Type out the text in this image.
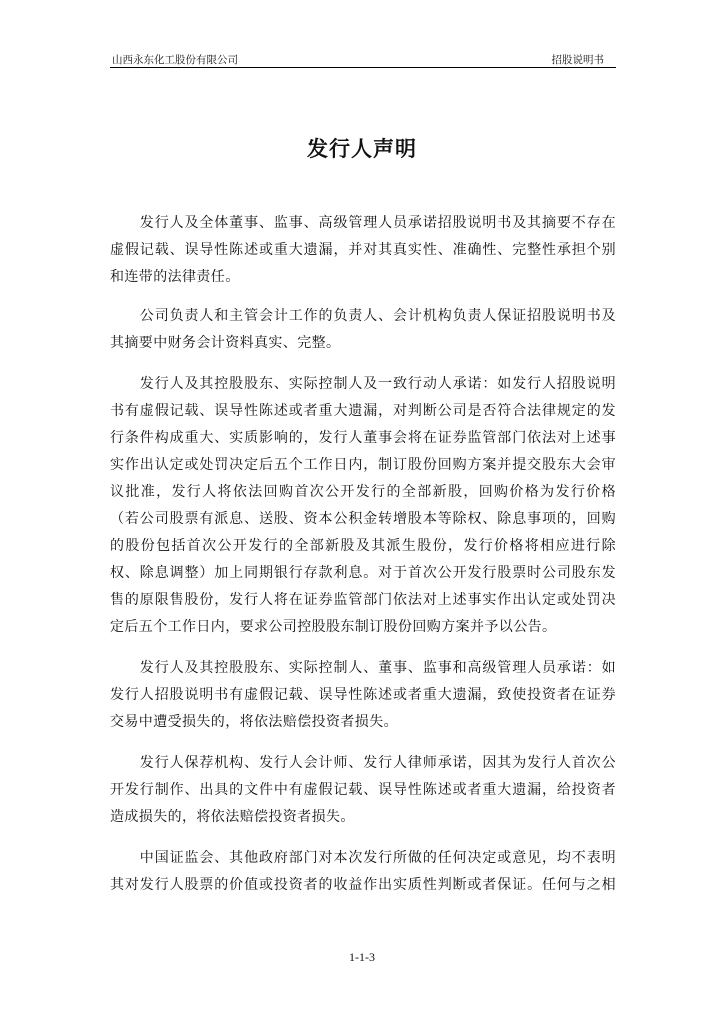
山西永东化工股份有限公司	招股说明书
发行人声明
　　发行人及全体董事、监事、高级管理人员承诺招股说明书及其摘要不存在
虚假记载、误导性陈述或重大遗漏，并对其真实性、准确性、完整性承担个别
和连带的法律责任。
　　公司负责人和主管会计工作的负责人、会计机构负责人保证招股说明书及
其摘要中财务会计资料真实、完整。
　　发行人及其控股股东、实际控制人及一致行动人承诺：如发行人招股说明
书有虚假记载、误导性陈述或者重大遗漏，对判断公司是否符合法律规定的发
行条件构成重大、实质影响的，发行人董事会将在证券监管部门依法对上述事
实作出认定或处罚决定后五个工作日内，制订股份回购方案并提交股东大会审
议批准，发行人将依法回购首次公开发行的全部新股，回购价格为发行价格
（若公司股票有派息、送股、资本公积金转增股本等除权、除息事项的，回购
的股份包括首次公开发行的全部新股及其派生股份，发行价格将相应进行除
权、除息调整）加上同期银行存款利息。对于首次公开发行股票时公司股东发
售的原限售股份，发行人将在证券监管部门依法对上述事实作出认定或处罚决
定后五个工作日内，要求公司控股股东制订股份回购方案并予以公告。
　　发行人及其控股股东、实际控制人、董事、监事和高级管理人员承诺：如
发行人招股说明书有虚假记载、误导性陈述或者重大遗漏，致使投资者在证券
交易中遭受损失的，将依法赔偿投资者损失。
　　发行人保荐机构、发行人会计师、发行人律师承诺，因其为发行人首次公
开发行制作、出具的文件中有虚假记载、误导性陈述或者重大遗漏，给投资者
造成损失的，将依法赔偿投资者损失。
　　中国证监会、其他政府部门对本次发行所做的任何决定或意见，均不表明
其对发行人股票的价值或投资者的收益作出实质性判断或者保证。任何与之相
1-1-3
